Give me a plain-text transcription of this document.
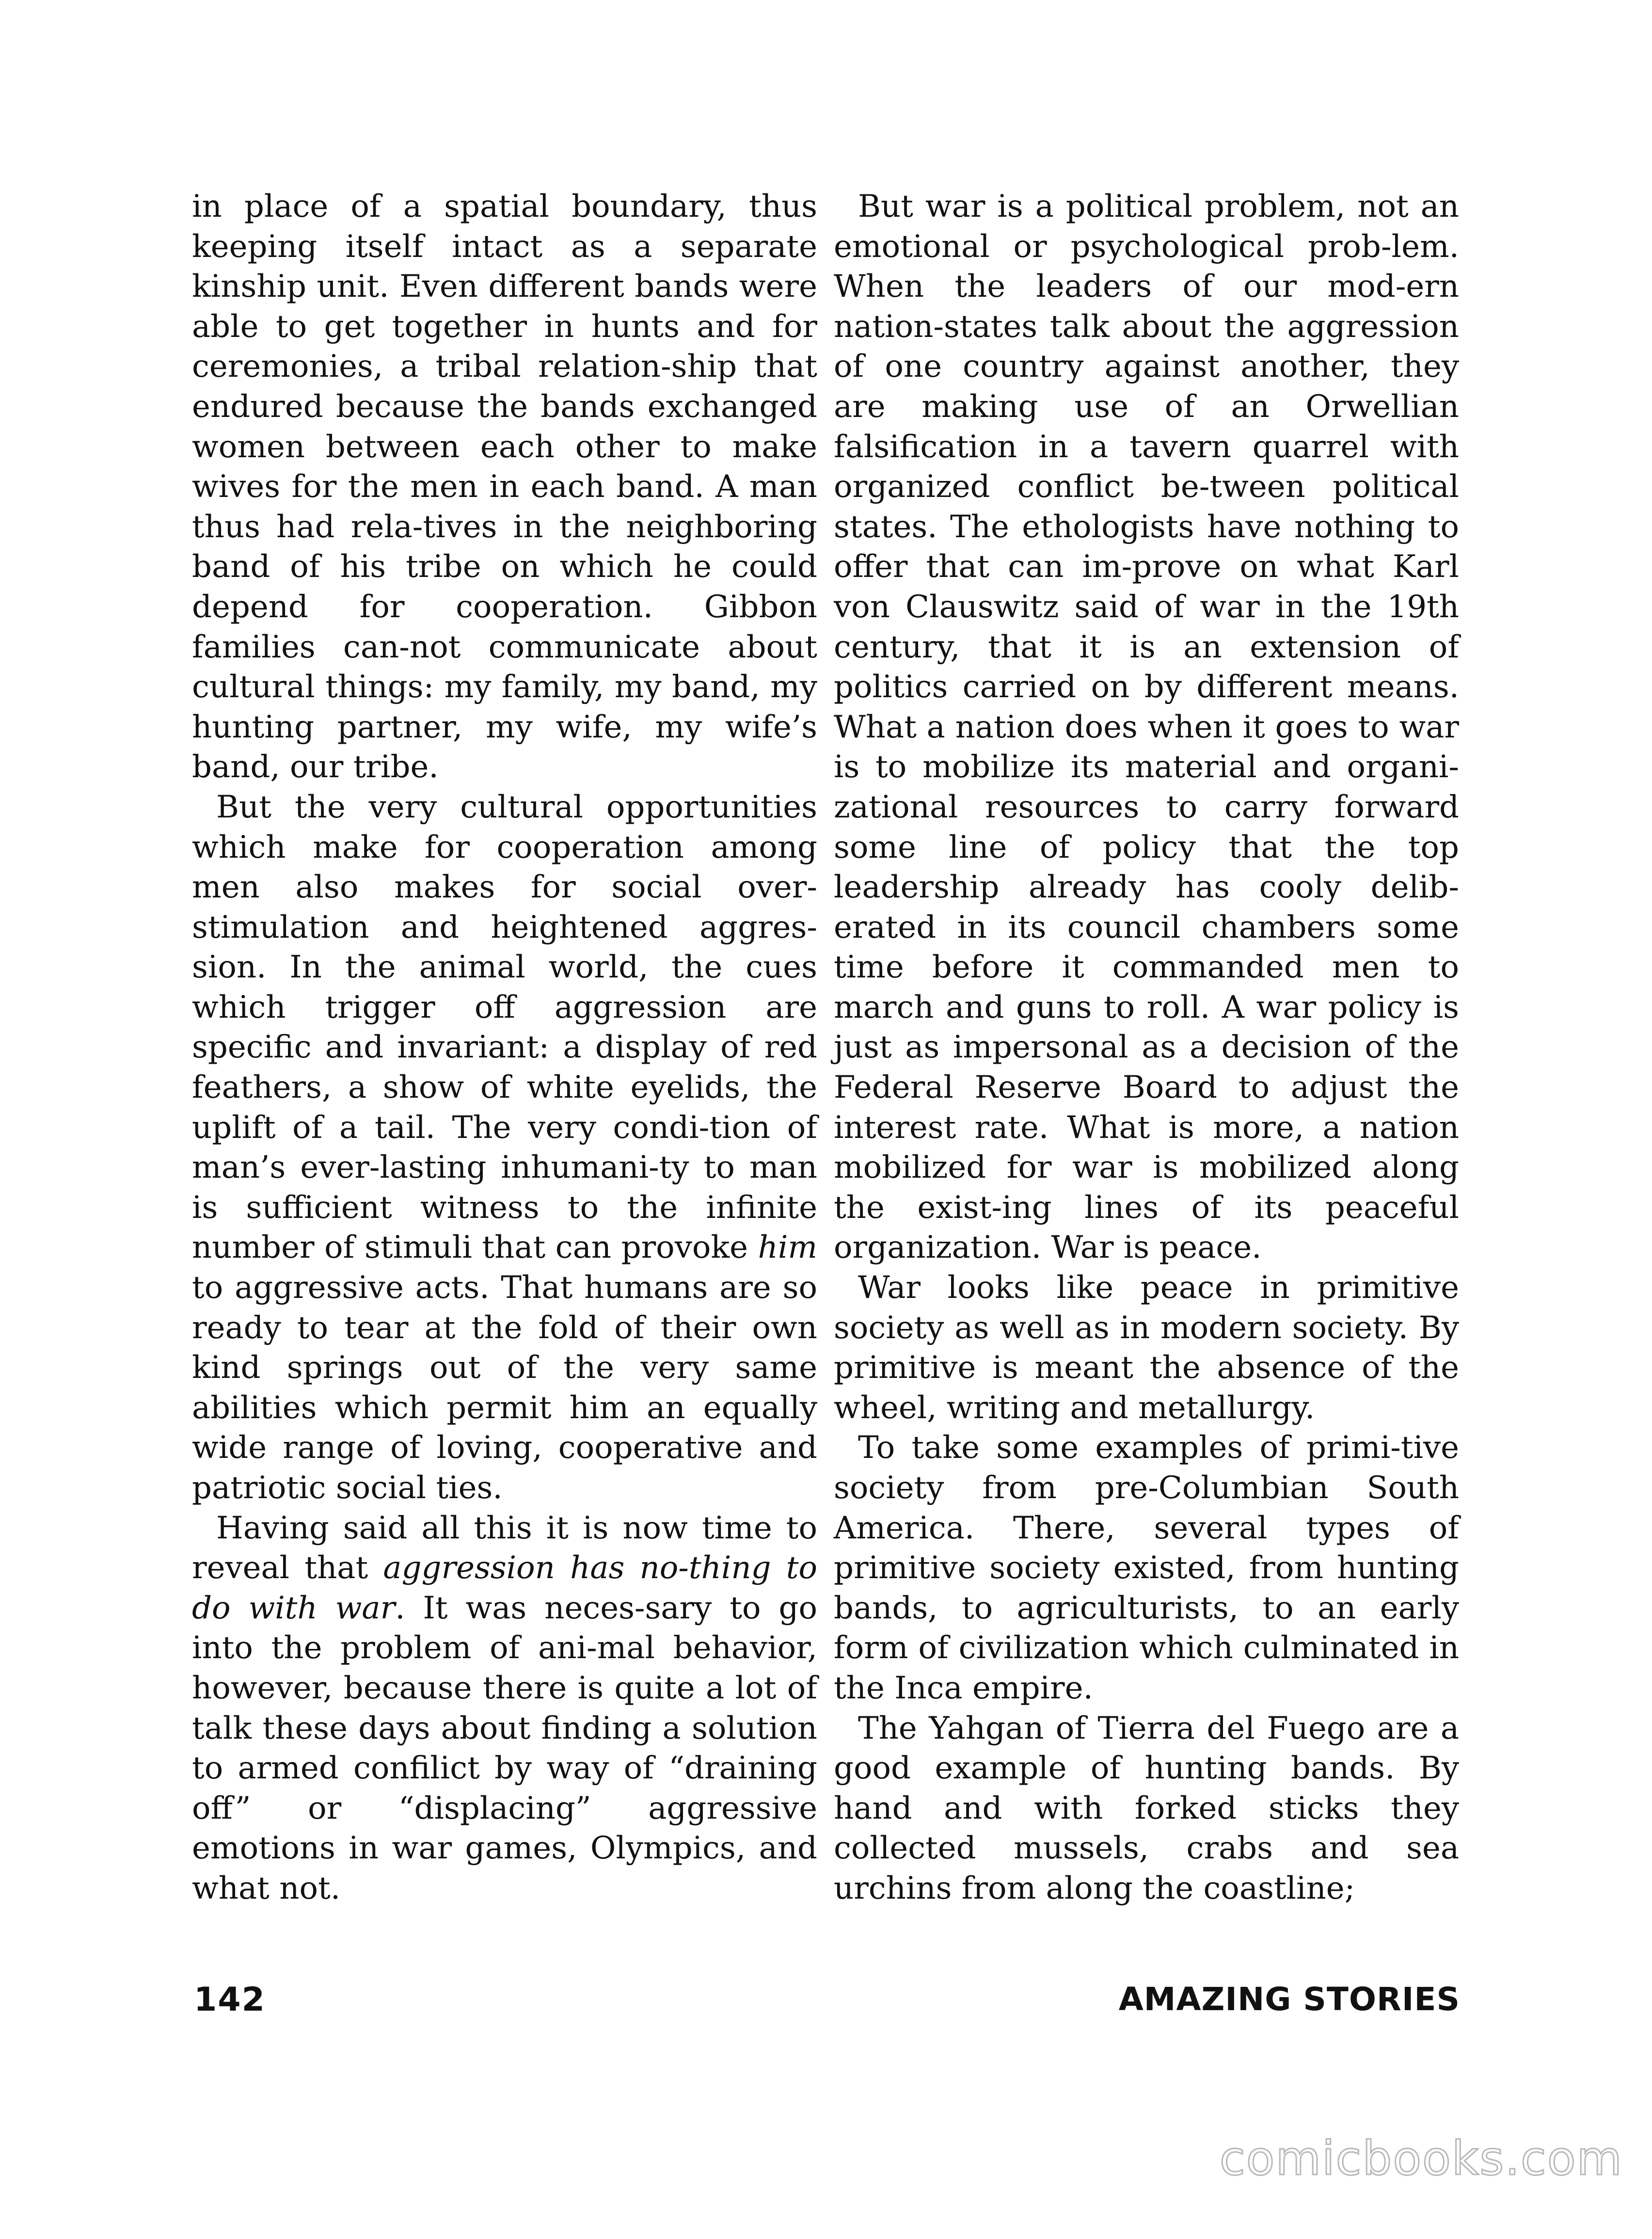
in place of a spatial boundary, thus keeping itself intact as a separate kinship unit. Even different bands were able to get together in hunts and for ceremonies, a tribal relation-ship that endured because the bands exchanged women between each other to make wives for the men in each band. A man thus had rela-tives in the neighboring band of his tribe on which he could depend for cooperation. Gibbon families can-not communicate about cultural things: my family, my band, my hunting partner, my wife, my wife’s band, our tribe.

But the very cultural opportunities which make for cooperation among men also makes for social over-stimulation and heightened aggres-sion. In the animal world, the cues which trigger off aggression are specific and invariant: a display of red feathers, a show of white eyelids, the uplift of a tail. The very condi-tion of man’s ever-lasting inhumani-ty to man is sufficient witness to the infinite number of stimuli that can provoke him to aggressive acts. That humans are so ready to tear at the fold of their own kind springs out of the very same abilities which permit him an equally wide range of loving, cooperative and patriotic social ties.

Having said all this it is now time to reveal that aggression has no-thing to do with war. It was neces-sary to go into the problem of ani-mal behavior, however, because there is quite a lot of talk these days about finding a solution to armed confilict by way of “draining off” or “displacing” aggressive emotions in war games, Olympics, and what not.

But war is a political problem, not an emotional or psychological prob-lem. When the leaders of our mod-ern nation-states talk about the aggression of one country against another, they are making use of an Orwellian falsification in a tavern quarrel with organized conflict be-tween political states. The ethologists have nothing to offer that can im-prove on what Karl von Clauswitz said of war in the 19th century, that it is an extension of politics carried on by different means. What a nation does when it goes to war is to mobilize its material and organi-zational resources to carry forward some line of policy that the top leadership already has cooly delib-erated in its council chambers some time before it commanded men to march and guns to roll. A war policy is just as impersonal as a decision of the Federal Reserve Board to adjust the interest rate. What is more, a nation mobilized for war is mobilized along the exist-ing lines of its peaceful organization. War is peace.

War looks like peace in primitive society as well as in modern society. By primitive is meant the absence of the wheel, writing and metallurgy.

To take some examples of primi-tive society from pre-Columbian South America. There, several types of primitive society existed, from hunting bands, to agriculturists, to an early form of civilization which culminated in the Inca empire.

The Yahgan of Tierra del Fuego are a good example of hunting bands. By hand and with forked sticks they collected mussels, crabs and sea urchins from along the coastline;

142	AMAZING STORIES
comicbooks.com
